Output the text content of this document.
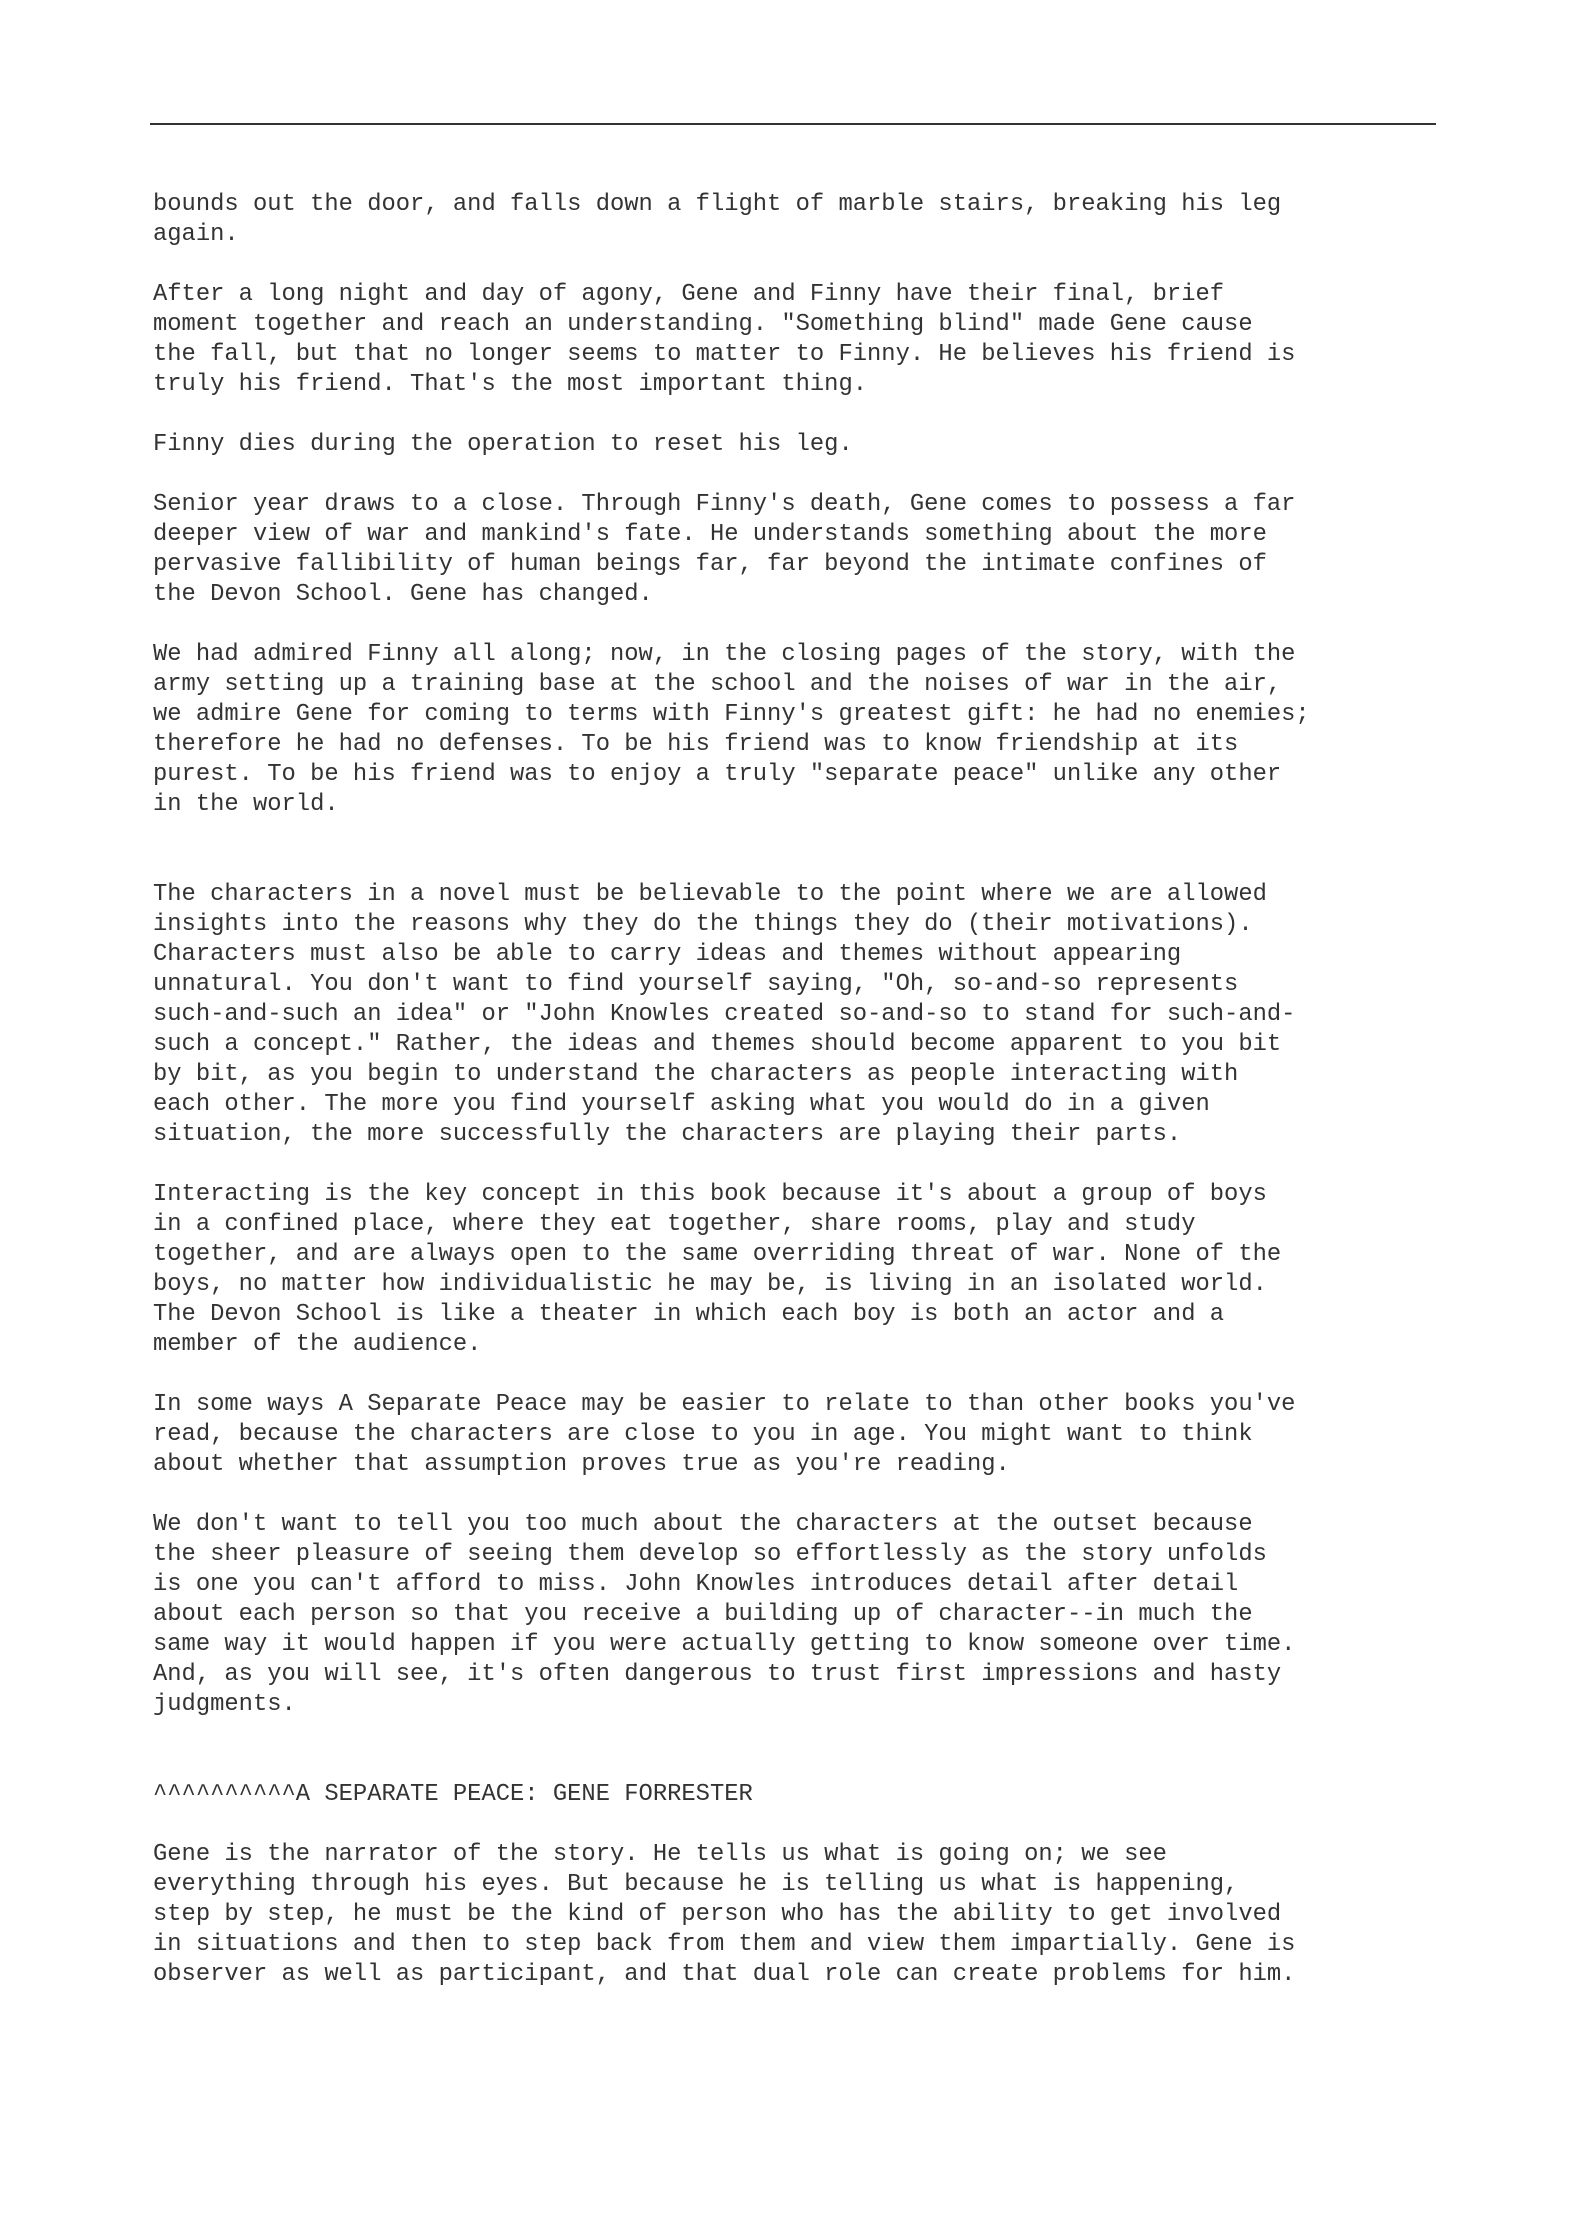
bounds out the door, and falls down a flight of marble stairs, breaking his leg
again.
After a long night and day of agony, Gene and Finny have their final, brief
moment together and reach an understanding. "Something blind" made Gene cause
the fall, but that no longer seems to matter to Finny. He believes his friend is
truly his friend. That's the most important thing.
Finny dies during the operation to reset his leg.
Senior year draws to a close. Through Finny's death, Gene comes to possess a far
deeper view of war and mankind's fate. He understands something about the more
pervasive fallibility of human beings far, far beyond the intimate confines of
the Devon School. Gene has changed.
We had admired Finny all along; now, in the closing pages of the story, with the
army setting up a training base at the school and the noises of war in the air,
we admire Gene for coming to terms with Finny's greatest gift: he had no enemies;
therefore he had no defenses. To be his friend was to know friendship at its
purest. To be his friend was to enjoy a truly "separate peace" unlike any other
in the world.
The characters in a novel must be believable to the point where we are allowed
insights into the reasons why they do the things they do (their motivations).
Characters must also be able to carry ideas and themes without appearing
unnatural. You don't want to find yourself saying, "Oh, so-and-so represents
such-and-such an idea" or "John Knowles created so-and-so to stand for such-and-
such a concept." Rather, the ideas and themes should become apparent to you bit
by bit, as you begin to understand the characters as people interacting with
each other. The more you find yourself asking what you would do in a given
situation, the more successfully the characters are playing their parts.
Interacting is the key concept in this book because it's about a group of boys
in a confined place, where they eat together, share rooms, play and study
together, and are always open to the same overriding threat of war. None of the
boys, no matter how individualistic he may be, is living in an isolated world.
The Devon School is like a theater in which each boy is both an actor and a
member of the audience.
In some ways A Separate Peace may be easier to relate to than other books you've
read, because the characters are close to you in age. You might want to think
about whether that assumption proves true as you're reading.
We don't want to tell you too much about the characters at the outset because
the sheer pleasure of seeing them develop so effortlessly as the story unfolds
is one you can't afford to miss. John Knowles introduces detail after detail
about each person so that you receive a building up of character--in much the
same way it would happen if you were actually getting to know someone over time.
And, as you will see, it's often dangerous to trust first impressions and hasty
judgments.
^^^^^^^^^^A SEPARATE PEACE: GENE FORRESTER
Gene is the narrator of the story. He tells us what is going on; we see
everything through his eyes. But because he is telling us what is happening,
step by step, he must be the kind of person who has the ability to get involved
in situations and then to step back from them and view them impartially. Gene is
observer as well as participant, and that dual role can create problems for him.
